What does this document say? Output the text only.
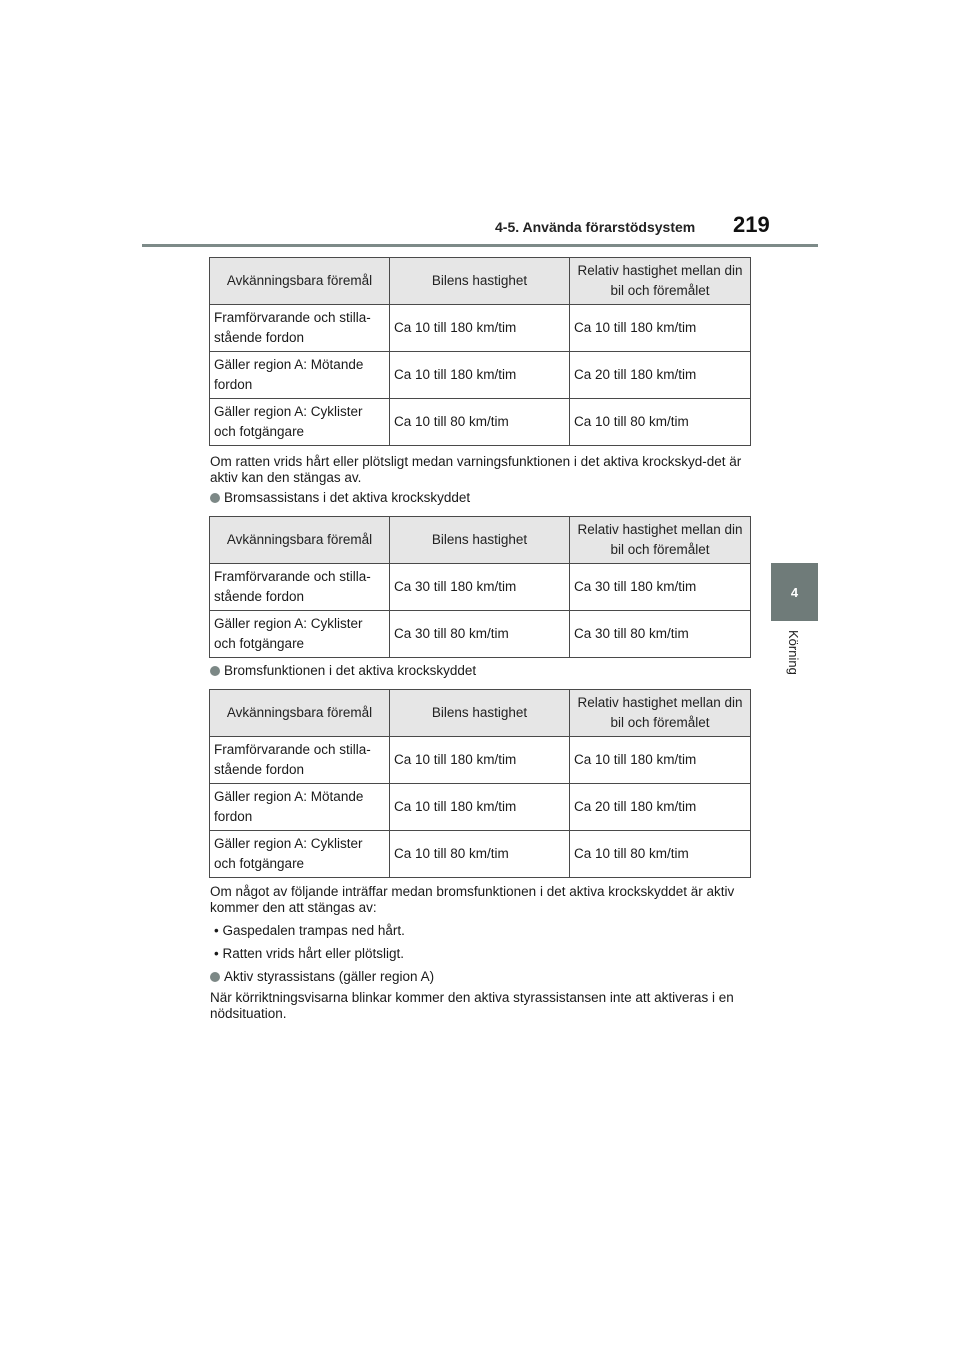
4-5. Använda förarstödsystem 219
4
Körning
Avkänningsbara föremål	Bilens hastighet	Relativ hastighet mellan din bil och föremålet
Framförvarande och stilla-stående fordon	Ca 10 till 180 km/tim	Ca 10 till 180 km/tim
Gäller region A: Mötande fordon	Ca 10 till 180 km/tim	Ca 20 till 180 km/tim
Gäller region A: Cyklister och fotgängare	Ca 10 till 80 km/tim	Ca 10 till 80 km/tim
Om ratten vrids hårt eller plötsligt medan varningsfunktionen i det aktiva krockskyd-det är aktiv kan den stängas av.
Bromsassistans i det aktiva krockskyddet
Avkänningsbara föremål	Bilens hastighet	Relativ hastighet mellan din bil och föremålet
Framförvarande och stilla-stående fordon	Ca 30 till 180 km/tim	Ca 30 till 180 km/tim
Gäller region A: Cyklister och fotgängare	Ca 30 till 80 km/tim	Ca 30 till 80 km/tim
Bromsfunktionen i det aktiva krockskyddet
Avkänningsbara föremål	Bilens hastighet	Relativ hastighet mellan din bil och föremålet
Framförvarande och stilla-stående fordon	Ca 10 till 180 km/tim	Ca 10 till 180 km/tim
Gäller region A: Mötande fordon	Ca 10 till 180 km/tim	Ca 20 till 180 km/tim
Gäller region A: Cyklister och fotgängare	Ca 10 till 80 km/tim	Ca 10 till 80 km/tim
Om något av följande inträffar medan bromsfunktionen i det aktiva krockskyddet är aktiv kommer den att stängas av:
• Gaspedalen trampas ned hårt.
• Ratten vrids hårt eller plötsligt.
Aktiv styrassistans (gäller region A)
När körriktningsvisarna blinkar kommer den aktiva styrassistansen inte att aktiveras i en nödsituation.
